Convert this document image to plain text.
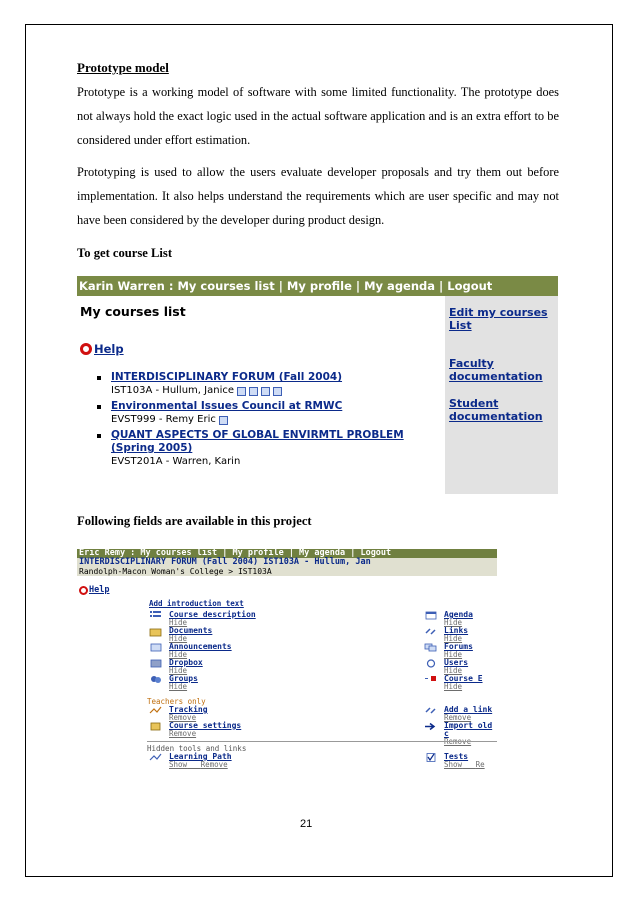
Prototype model

Prototype is a working model of software with some limited functionality. The prototype does not always hold the exact logic used in the actual software application and is an extra effort to be considered under effort estimation.

Prototyping is used to allow the users evaluate developer proposals and try them out before implementation. It also helps understand the requirements which are user specific and may not have been considered by the developer during product design.

To get course List

Karin Warren : My courses list | My profile | My agenda | Logout
My courses list
Help
INTERDISCIPLINARY FORUM (Fall 2004)
IST103A - Hullum, Janice
Environmental Issues Council at RMWC
EVST999 - Remy Eric
QUANT ASPECTS OF GLOBAL ENVIRMTL PROBLEM (Spring 2005)
EVST201A - Warren, Karin
Edit my courses List
Faculty documentation
Student documentation
Following fields are available in this project
Eric Remy : My courses list | My profile | My agenda | Logout
INTERDISCIPLINARY FORUM (Fall 2004) IST103A - Hullum, Jan
Randolph-Macon Woman's College > IST103A
Help
Add introduction text
Course description
Hide
Documents
Hide
Announcements
Hide
Dropbox
Hide
Groups
Hide
Agenda
Hide
Links
Hide
Forums
Hide
Users
Hide
Course E
Hide
Teachers only
Tracking
Remove
Course settings
Remove
Add a link
Remove
Import old c
Hidden tools and links
Learning Path
Show Remove
Tests
Show Re
21
